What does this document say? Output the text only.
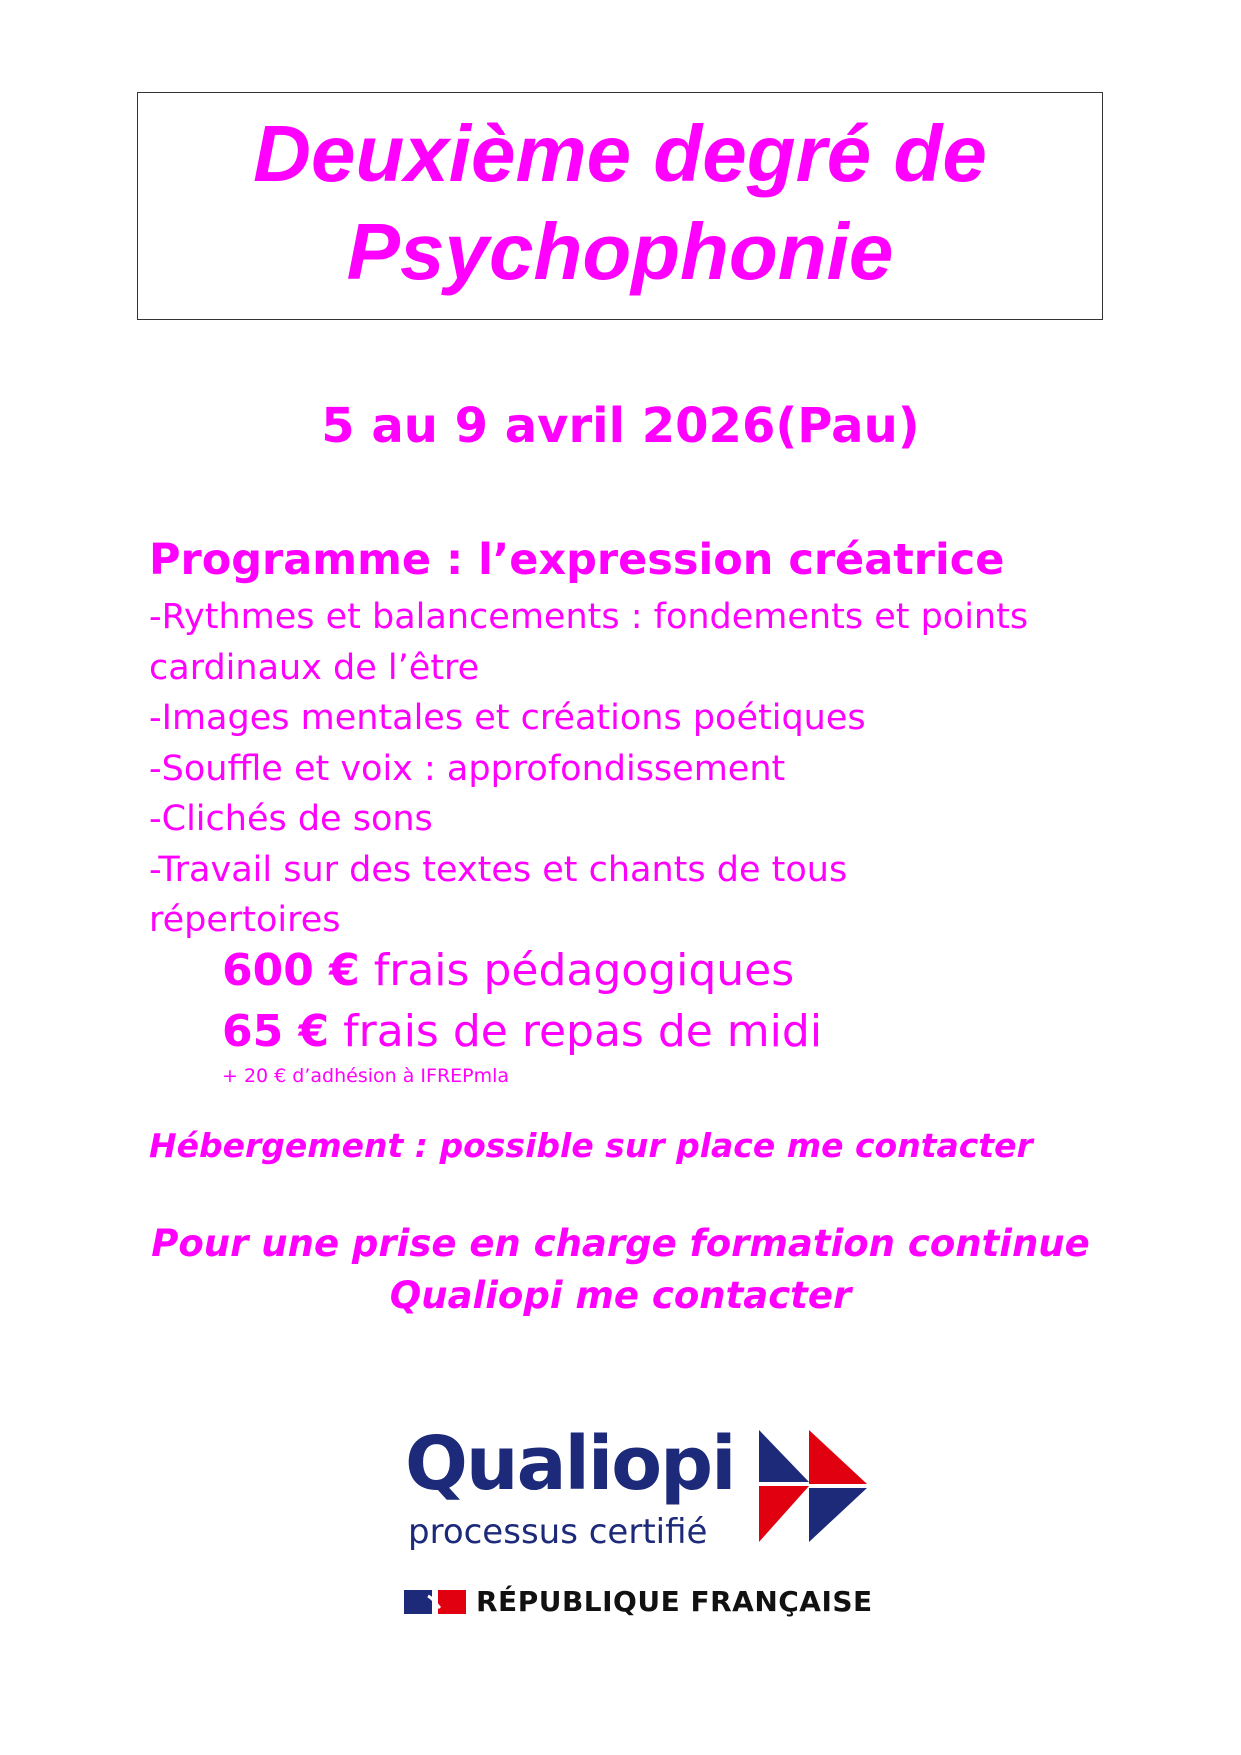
Deuxième degré de
Psychophonie
5 au 9 avril 2026(Pau)
Programme : l’expression créatrice
-Rythmes et balancements : fondements et points
cardinaux de l’être
-Images mentales et créations poétiques
-Souffle et voix : approfondissement
-Clichés de sons
-Travail sur des textes et chants de tous
répertoires
600 € frais pédagogiques
65 € frais de repas de midi
+ 20 € d’adhésion à IFREPmla
Hébergement : possible sur place me contacter
Pour une prise en charge formation continue
Qualiopi me contacter
Qualiopi
processus certifié
RÉPUBLIQUE FRANÇAISE
